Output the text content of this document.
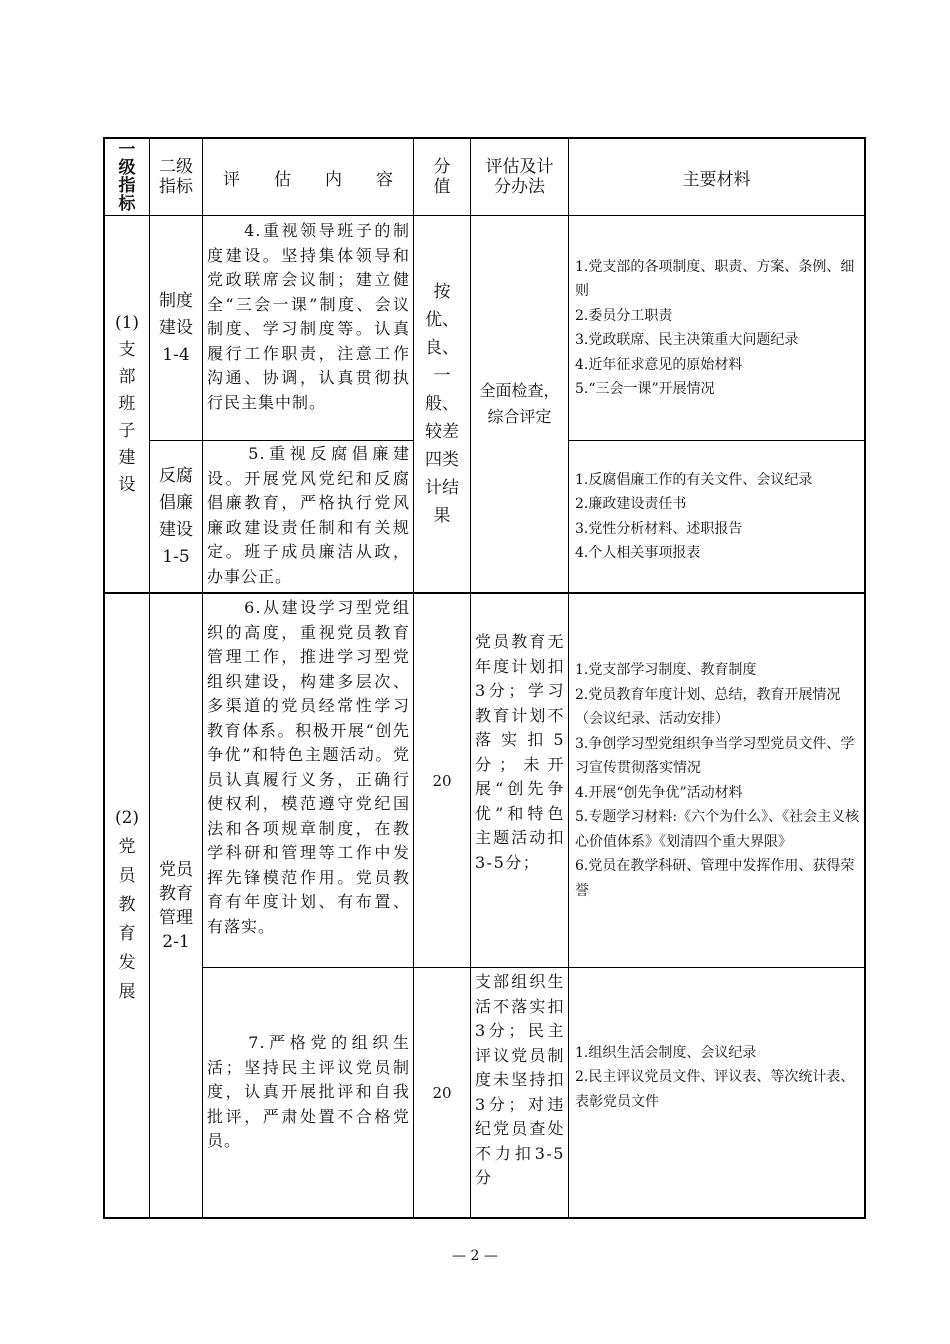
一
级
指
标
二级
指标 评　　估　　内　　容
分
值
评估及计
分办法	主要材料
(1)
支
部
班
子
建
设
制度
建设
1-4
　　4.重视领导班子的制度建设。坚持集体领导和党政联席会议制；建立健全“三会一课”制度、会议制度、学习制度等。认真履行工作职责，注意工作沟通、协调，认真贯彻执行民主集中制。
按
优、
良、
一
般、
较差
四类
计结
果
全面检查，
综合评定
1.党支部的各项制度、职责、方案、条例、细则
2.委员分工职责
3.党政联席、民主决策重大问题纪录
4.近年征求意见的原始材料
5.“三会一课”开展情况
反腐
倡廉
建设
1-5
　　5.重视反腐倡廉建设。开展党风党纪和反腐倡廉教育，严格执行党风廉政建设责任制和有关规定。班子成员廉洁从政，办事公正。
1.反腐倡廉工作的有关文件、会议纪录
2.廉政建设责任书
3.党性分析材料、述职报告
4.个人相关事项报表
(2)
党
员
教
育
发
展
党员
教育
管理
2-1
　　6.从建设学习型党组织的高度，重视党员教育管理工作，推进学习型党组织建设，构建多层次、多渠道的党员经常性学习教育体系。积极开展“创先争优”和特色主题活动。党员认真履行义务，正确行使权利，模范遵守党纪国法和各项规章制度，在教学科研和管理等工作中发挥先锋模范作用。党员教育有年度计划、有布置、有落实。
20
党员教育无年度计划扣3分；学习教育计划不落实扣5分；未开展“创先争优”和特色主题活动扣3-5分；
1.党支部学习制度、教育制度
2.党员教育年度计划、总结，教育开展情况（会议纪录、活动安排）
3.争创学习型党组织争当学习型党员文件、学习宣传贯彻落实情况
4.开展“创先争优”活动材料
5.专题学习材料:《六个为什么》、《社会主义核心价值体系》《划清四个重大界限》
6.党员在教学科研、管理中发挥作用、获得荣誉
　　7.严格党的组织生活；坚持民主评议党员制度，认真开展批评和自我批评，严肃处置不合格党员。
20
支部组织生活不落实扣3分；民主评议党员制度未坚持扣3分；对违纪党员查处不力扣3-5分
1.组织生活会制度、会议纪录
2.民主评议党员文件、评议表、等次统计表、表彰党员文件
— 2 —
